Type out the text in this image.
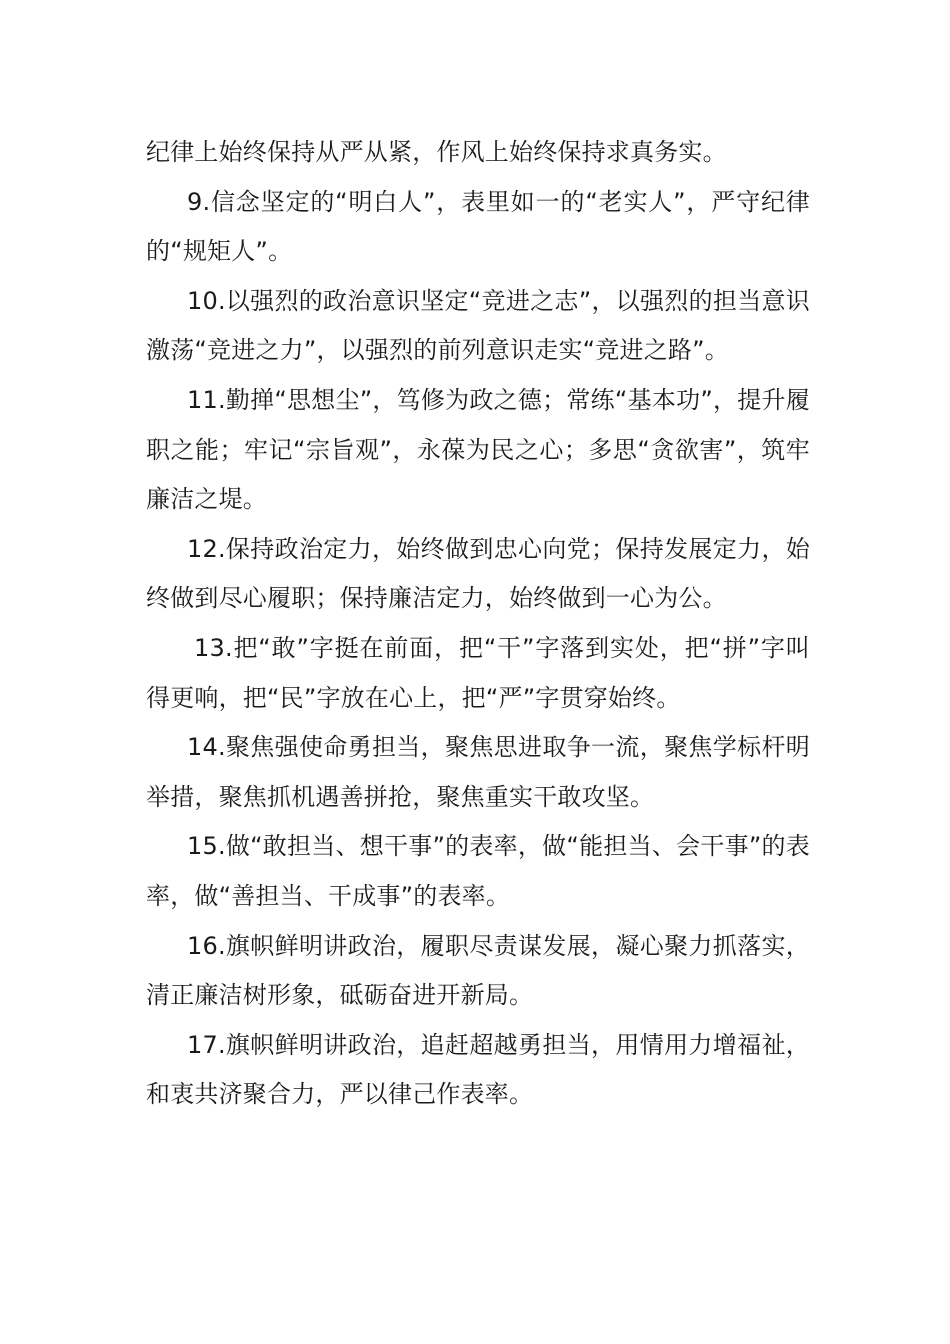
纪律上始终保持从严从紧，作风上始终保持求真务实。

9.信念坚定的“明白人”，表里如一的“老实人”，严守纪律的“规矩人”。

10.以强烈的政治意识坚定“竞进之志”，以强烈的担当意识激荡“竞进之力”，以强烈的前列意识走实“竞进之路”。

11.勤掸“思想尘”，笃修为政之德；常练“基本功”，提升履职之能；牢记“宗旨观”，永葆为民之心；多思“贪欲害”，筑牢廉洁之堤。

12.保持政治定力，始终做到忠心向党；保持发展定力，始终做到尽心履职；保持廉洁定力，始终做到一心为公。

13.把“敢”字挺在前面，把“干”字落到实处，把“拼”字叫得更响，把“民”字放在心上，把“严”字贯穿始终。

14.聚焦强使命勇担当，聚焦思进取争一流，聚焦学标杆明举措，聚焦抓机遇善拼抢，聚焦重实干敢攻坚。

15.做“敢担当、想干事”的表率，做“能担当、会干事”的表率，做“善担当、干成事”的表率。

16.旗帜鲜明讲政治，履职尽责谋发展，凝心聚力抓落实，清正廉洁树形象，砥砺奋进开新局。

17.旗帜鲜明讲政治，追赶超越勇担当，用情用力增福祉，和衷共济聚合力，严以律己作表率。
